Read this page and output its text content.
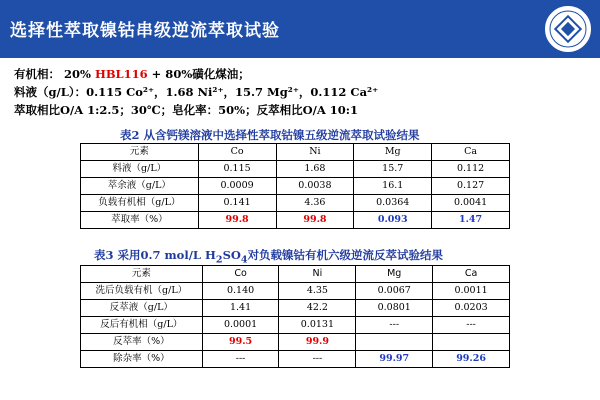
选择性萃取镍钴串级逆流萃取试验
有机相： 20% HBL116 + 80%磺化煤油；
料液（g/L）：0.115 Co²⁺，1.68 Ni²⁺，15.7 Mg²⁺，0.112 Ca²⁺
萃取相比O/A 1:2.5；30℃；皂化率：50%；反萃相比O/A 10:1
表2 从含钙镁溶液中选择性萃取钴镍五级逆流萃取试验结果
元素	Co	Ni	Mg	Ca
料液（g/L）	0.115	1.68	15.7	0.112
萃余液（g/L）	0.0009	0.0038	16.1	0.127
负载有机相（g/L）	0.141	4.36	0.0364	0.0041
萃取率（%）	99.8	99.8	0.093	1.47
表3 采用0.7 mol/L $H_2SO_4$对负载镍钴有机六级逆流反萃试验结果
元素	Co	Ni	Mg	Ca
洗后负载有机（g/L）	0.140	4.35	0.0067	0.0011
反萃液（g/L）	1.41	42.2	0.0801	0.0203
反后有机相（g/L）	0.0001	0.0131	---	---
反萃率（%）	99.5	99.9		
除杂率（%）	---	---	99.97	99.26
